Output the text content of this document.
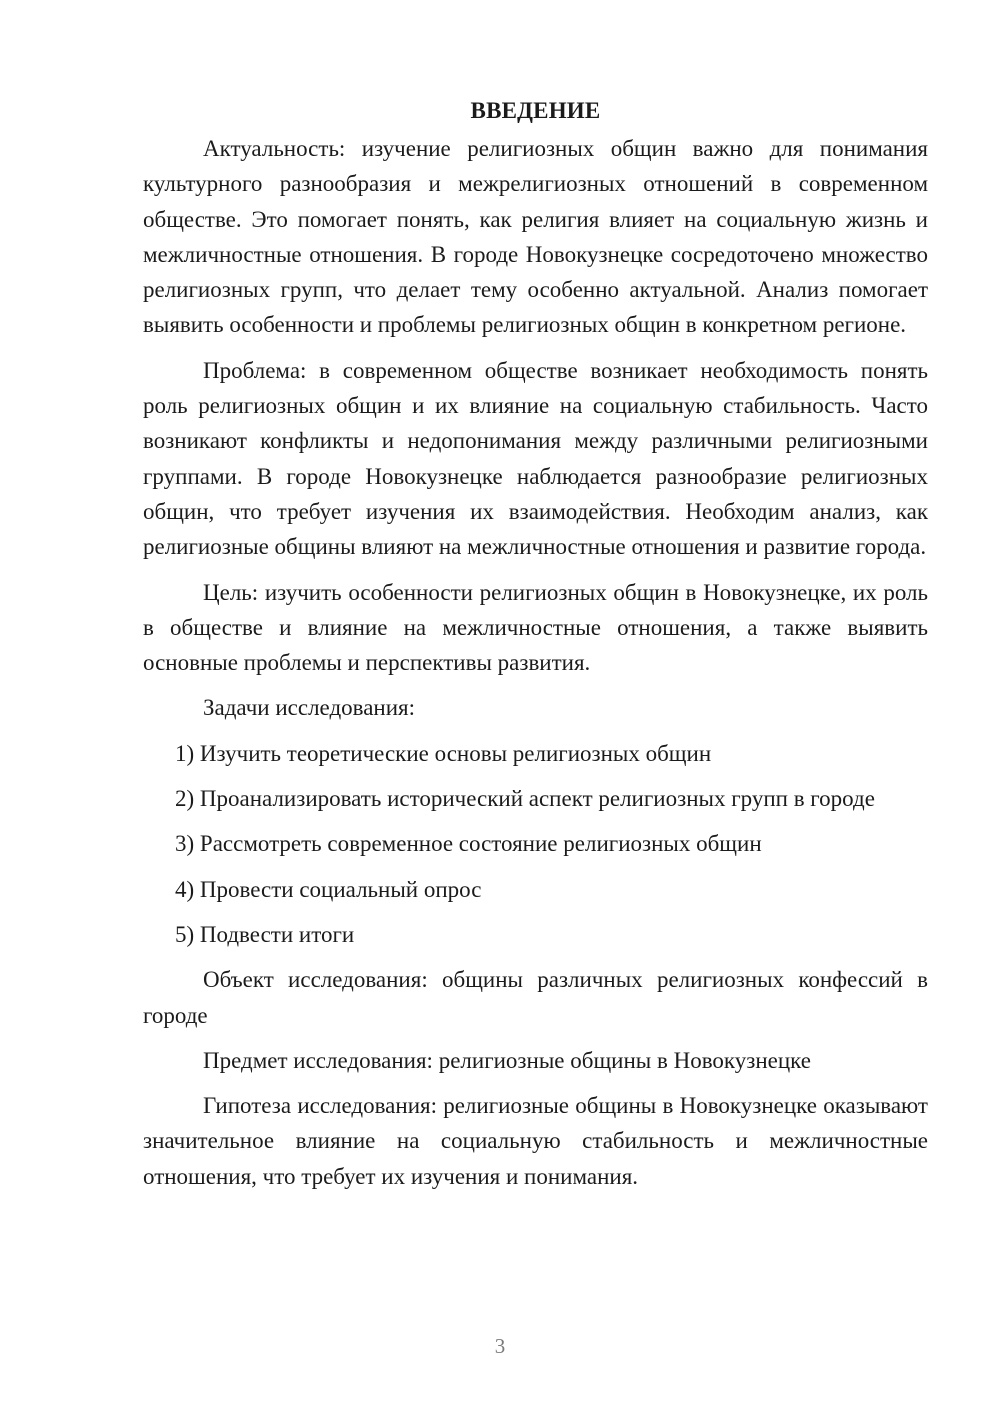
ВВЕДЕНИЕ

Актуальность: изучение религиозных общин важно для понимания культурного разнообразия и межрелигиозных отношений в современном обществе. Это помогает понять, как религия влияет на социальную жизнь и межличностные отношения. В городе Новокузнецке сосредоточено множество религиозных групп, что делает тему особенно актуальной. Анализ помогает выявить особенности и проблемы религиозных общин в конкретном регионе.

Проблема: в современном обществе возникает необходимость понять роль религиозных общин и их влияние на социальную стабильность. Часто возникают конфликты и недопонимания между различными религиозными группами. В городе Новокузнецке наблюдается разнообразие религиозных общин, что требует изучения их взаимодействия. Необходим анализ, как религиозные общины влияют на межличностные отношения и развитие города.

Цель: изучить особенности религиозных общин в Новокузнецке, их роль в обществе и влияние на межличностные отношения, а также выявить основные проблемы и перспективы развития.

Задачи исследования:

1) Изучить теоретические основы религиозных общин

2) Проанализировать исторический аспект религиозных групп в городе

3) Рассмотреть современное состояние религиозных общин

4) Провести социальный опрос

5) Подвести итоги

Объект исследования: общины различных религиозных конфессий в городе

Предмет исследования: религиозные общины в Новокузнецке

Гипотеза исследования: религиозные общины в Новокузнецке оказывают значительное влияние на социальную стабильность и межличностные отношения, что требует их изучения и понимания.

3
